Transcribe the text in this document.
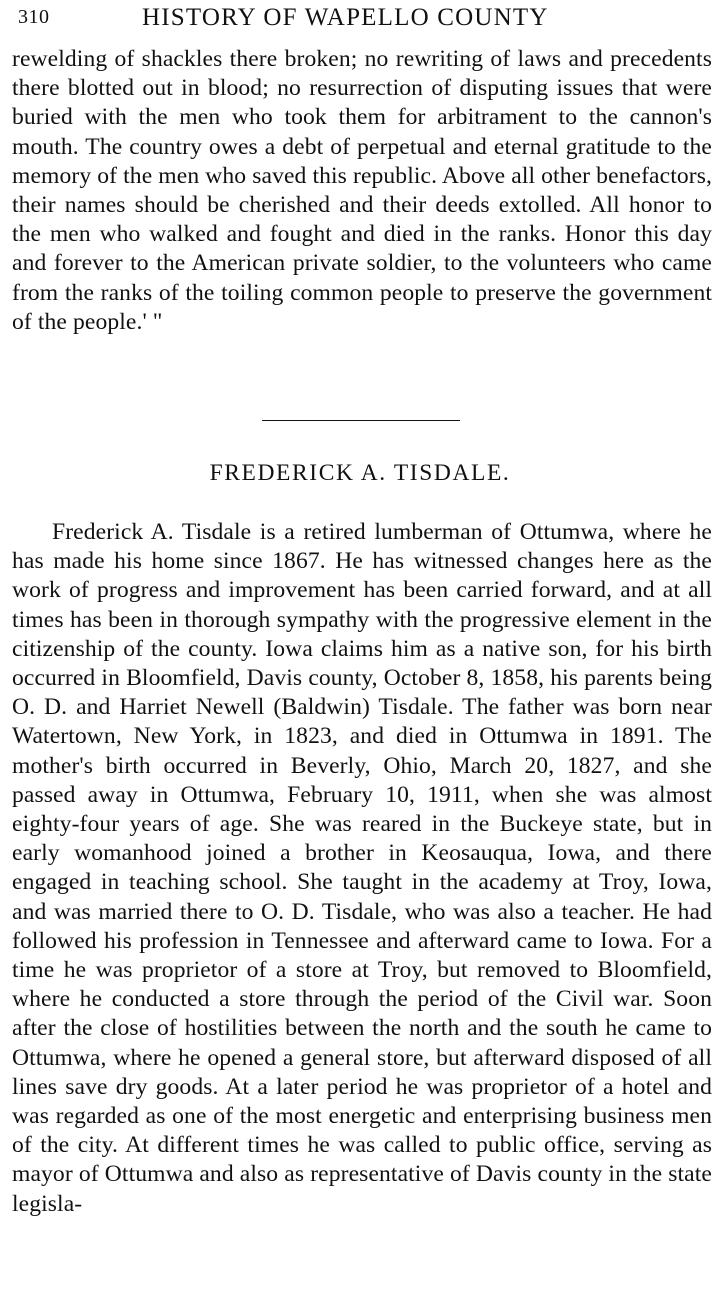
310	HISTORY OF WAPELLO COUNTY

rewelding of shackles there broken; no rewriting of laws and precedents there blotted out in blood; no resurrection of disputing issues that were buried with the men who took them for arbitrament to the cannon's mouth. The country owes a debt of perpetual and eternal gratitude to the memory of the men who saved this republic. Above all other benefactors, their names should be cherished and their deeds extolled. All honor to the men who walked and fought and died in the ranks. Honor this day and forever to the American private soldier, to the volunteers who came from the ranks of the toiling common people to preserve the government of the people.' "

FREDERICK A. TISDALE.

Frederick A. Tisdale is a retired lumberman of Ottumwa, where he has made his home since 1867. He has witnessed changes here as the work of progress and improvement has been carried forward, and at all times has been in thorough sympathy with the progressive element in the citizenship of the county. Iowa claims him as a native son, for his birth occurred in Bloomfield, Davis county, October 8, 1858, his parents being O. D. and Harriet Newell (Baldwin) Tisdale. The father was born near Watertown, New York, in 1823, and died in Ottumwa in 1891. The mother's birth occurred in Beverly, Ohio, March 20, 1827, and she passed away in Ottumwa, February 10, 1911, when she was almost eighty-four years of age. She was reared in the Buckeye state, but in early womanhood joined a brother in Keosauqua, Iowa, and there engaged in teaching school. She taught in the academy at Troy, Iowa, and was married there to O. D. Tisdale, who was also a teacher. He had followed his profession in Tennessee and afterward came to Iowa. For a time he was proprietor of a store at Troy, but removed to Bloomfield, where he conducted a store through the period of the Civil war. Soon after the close of hostilities between the north and the south he came to Ottumwa, where he opened a general store, but afterward disposed of all lines save dry goods. At a later period he was proprietor of a hotel and was regarded as one of the most energetic and enterprising business men of the city. At different times he was called to public office, serving as mayor of Ottumwa and also as representative of Davis county in the state legisla-
